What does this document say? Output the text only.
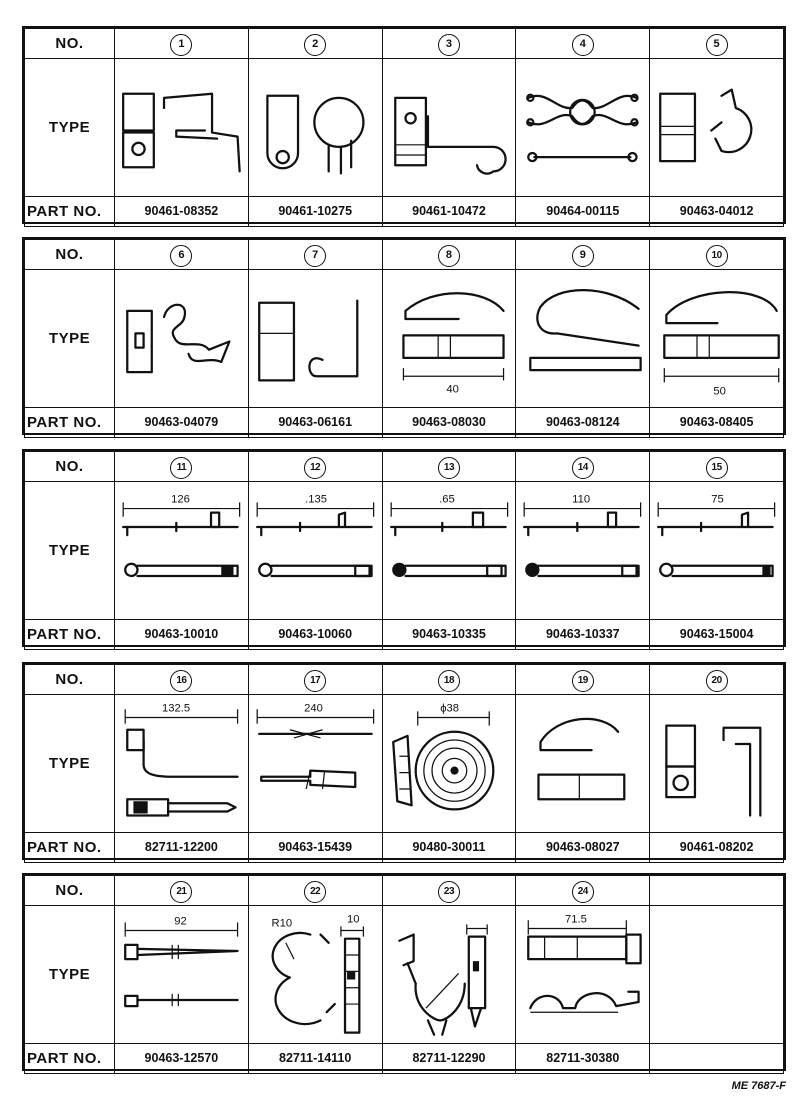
NO.	1	2	3	4	5
TYPE	

PART NO.	90461-08352	90461-10275	90461-10472	90464-00115	90463-04012
NO.	6	7	8	9	10
TYPE			40		50

PART NO.	90463-04079	90463-06161	90463-08030	90463-08124	90463-08405
NO.	11	12	13	14	15
TYPE	126	.135	.65	110	75

PART NO.	90463-10010	90463-10060	90463-10335	90463-10337	90463-15004
NO.	16	17	18	19	20
TYPE	132.5	240	ϕ38

PART NO.	82711-12200	90463-15439	90480-30011	90463-08027	90461-08202
NO.	21	22	23	24	
TYPE	92	R10 10		71.5	

PART NO.	90463-12570	82711-14110	82711-12290	82711-30380	
ME 7687-F
